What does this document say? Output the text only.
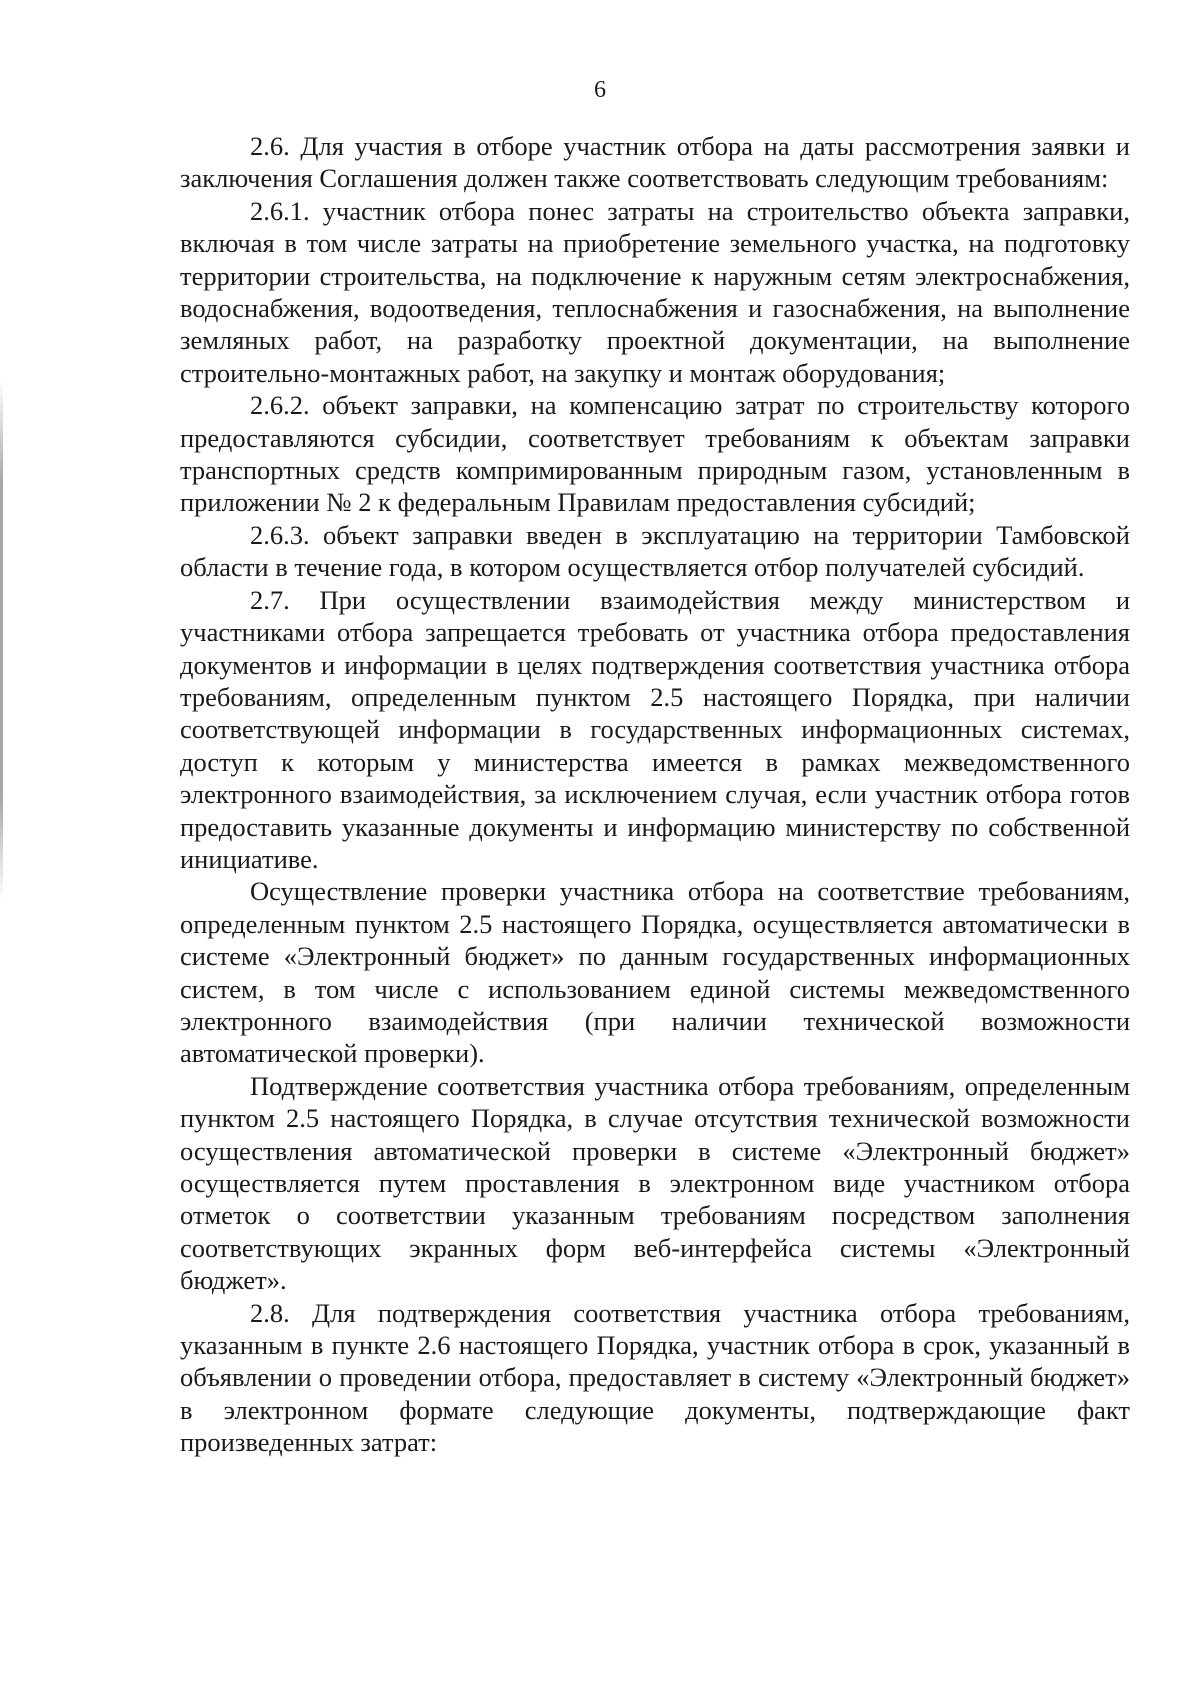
6

2.6. Для участия в отборе участник отбора на даты рассмотрения заявки и заключения Соглашения должен также соответствовать следующим требованиям:

2.6.1. участник отбора понес затраты на строительство объекта заправки, включая в том числе затраты на приобретение земельного участка, на подготовку территории строительства, на подключение к наружным сетям электроснабжения, водоснабжения, водоотведения, теплоснабжения и газоснабжения, на выполнение земляных работ, на разработку проектной документации, на выполнение строительно-монтажных работ, на закупку и монтаж оборудования;

2.6.2. объект заправки, на компенсацию затрат по строительству которого предоставляются субсидии, соответствует требованиям к объектам заправки транспортных средств компримированным природным газом, установленным в приложении № 2 к федеральным Правилам предоставления субсидий;

2.6.3. объект заправки введен в эксплуатацию на территории Тамбовской области в течение года, в котором осуществляется отбор получателей субсидий.

2.7. При осуществлении взаимодействия между министерством и участниками отбора запрещается требовать от участника отбора предоставления документов и информации в целях подтверждения соответствия участника отбора требованиям, определенным пунктом 2.5 настоящего Порядка, при наличии соответствующей информации в государственных информационных системах, доступ к которым у министерства имеется в рамках межведомственного электронного взаимодействия, за исключением случая, если участник отбора готов предоставить указанные документы и информацию министерству по собственной инициативе.

Осуществление проверки участника отбора на соответствие требованиям, определенным пунктом 2.5 настоящего Порядка, осуществляется автоматически в системе «Электронный бюджет» по данным государственных информационных систем, в том числе с использованием единой системы межведомственного электронного взаимодействия (при наличии технической возможности автоматической проверки).

Подтверждение соответствия участника отбора требованиям, определенным пунктом 2.5 настоящего Порядка, в случае отсутствия технической возможности осуществления автоматической проверки в системе «Электронный бюджет» осуществляется путем проставления в электронном виде участником отбора отметок о соответствии указанным требованиям посредством заполнения соответствующих экранных форм веб-интерфейса системы «Электронный бюджет».

2.8. Для подтверждения соответствия участника отбора требованиям, указанным в пункте 2.6 настоящего Порядка, участник отбора в срок, указанный в объявлении о проведении отбора, предоставляет в систему «Электронный бюджет» в электронном формате следующие документы, подтверждающие факт произведенных затрат:
